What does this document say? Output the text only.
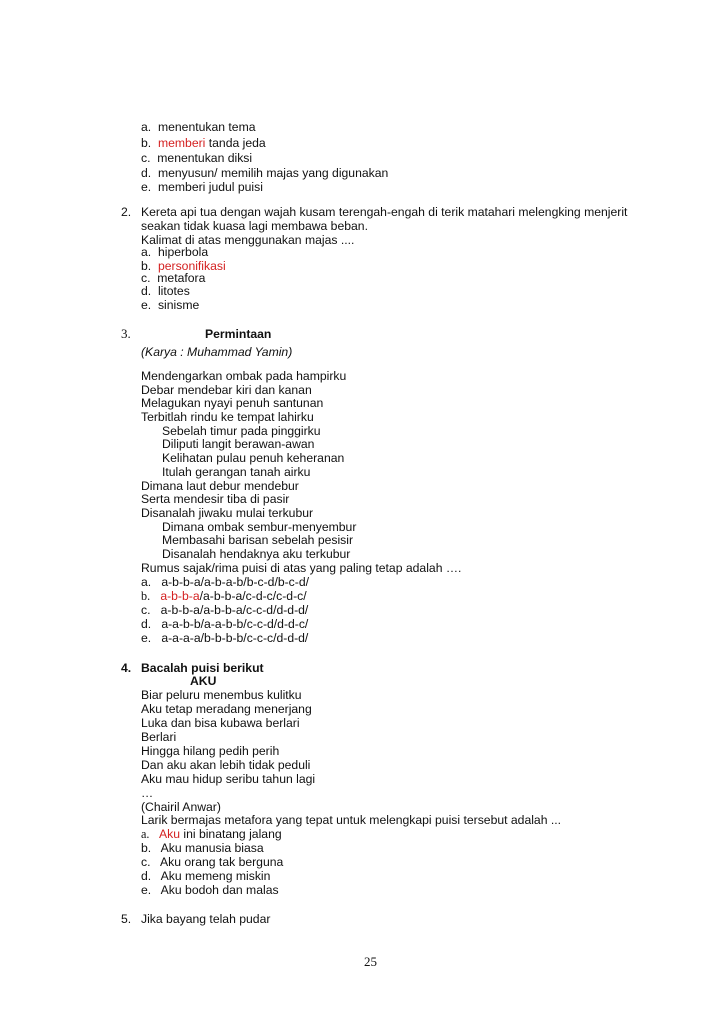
a. menentukan tema
b. memberi tanda jeda
c. menentukan diksi
d. menyusun/ memilih majas yang digunakan
e. memberi judul puisi
2. Kereta api tua dengan wajah kusam terengah-engah di terik matahari melengking menjerit
seakan tidak kuasa lagi membawa beban.
Kalimat di atas menggunakan majas ....
a. hiperbola
b. personifikasi
c. metafora
d. litotes
e. sinisme
3.	Permintaan
(Karya : Muhammad Yamin)
Mendengarkan ombak pada hampirku
Debar mendebar kiri dan kanan
Melagukan nyayi penuh santunan
Terbitlah rindu ke tempat lahirku
Sebelah timur pada pinggirku
Diliputi langit berawan-awan
Kelihatan pulau penuh keheranan
Itulah gerangan tanah airku
Dimana laut debur mendebur
Serta mendesir tiba di pasir
Disanalah jiwaku mulai terkubur
Dimana ombak sembur-menyembur
Membasahi barisan sebelah pesisir
Disanalah hendaknya aku terkubur
Rumus sajak/rima puisi di atas yang paling tetap adalah ….
a. a-b-b-a/a-b-a-b/b-c-d/b-c-d/
b. a-b-b-a/a-b-b-a/c-d-c/c-d-c/
c. a-b-b-a/a-b-b-a/c-c-d/d-d-d/
d. a-a-b-b/a-a-b-b/c-c-d/d-d-c/
e. a-a-a-a/b-b-b-b/c-c-c/d-d-d/
4. Bacalah puisi berikut
AKU
Biar peluru menembus kulitku
Aku tetap meradang menerjang
Luka dan bisa kubawa berlari
Berlari
Hingga hilang pedih perih
Dan aku akan lebih tidak peduli
Aku mau hidup seribu tahun lagi
…
(Chairil Anwar)
Larik bermajas metafora yang tepat untuk melengkapi puisi tersebut adalah ...
a. Aku ini binatang jalang
b. Aku manusia biasa
c. Aku orang tak berguna
d. Aku memeng miskin
e. Aku bodoh dan malas
5. Jika bayang telah pudar
25
